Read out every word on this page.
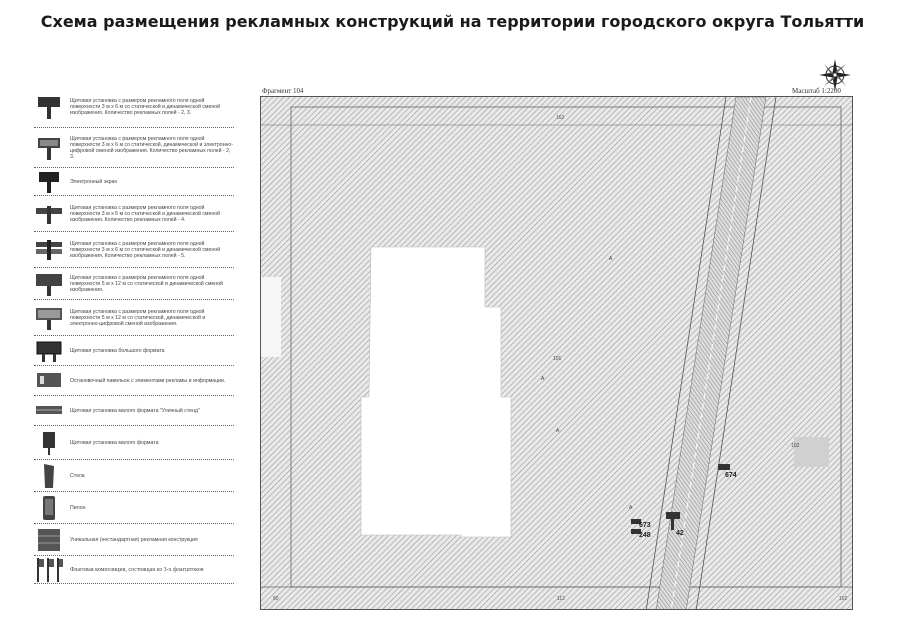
Схема размещения рекламных конструкций на территории городского округа Тольятти
Щитовая установка с размером рекламного поля одной поверхности 3 м х 6 м со статической и динамической сменой изображения. Количество рекламных полей - 2, 3.
Щитовая установка с размером рекламного поля одной поверхности 3 м х 6 м со статической, динамической и электронно-цифровой сменой изображения. Количество рекламных полей - 2, 3.
Электронный экран
Щитовая установка с размером рекламного поля одной поверхности 3 м х 6 м со статической и динамической сменой изображения. Количество рекламных полей - 4.
Щитовая установка с размером рекламного поля одной поверхности 3 м х 6 м со статической и динамической сменой изображения. Количество рекламных полей - 5.
Щитовая установка с размером рекламного поля одной поверхности 5 м х 12 м со статической и динамической сменой изображения.
Щитовая установка с размером рекламного поля одной поверхности 5 м х 12 м со статической, динамической и электронно-цифровой сменой изображения.
Щитовая установка большого формата
Остановочный павильон с элементами рекламы и информации.
Щитовая установка малого формата "Уличный стенд"
Щитовая установка малого формата
Стела
Пилон
Уникальная (нестандартная) рекламная конструкция
Флаговая композиция, состоящая из 3-х флагштоков
Фрагмент 104	Масштаб 1:2200
162
112
80	102
А
101
А
А
А
102
674
673
248	42
